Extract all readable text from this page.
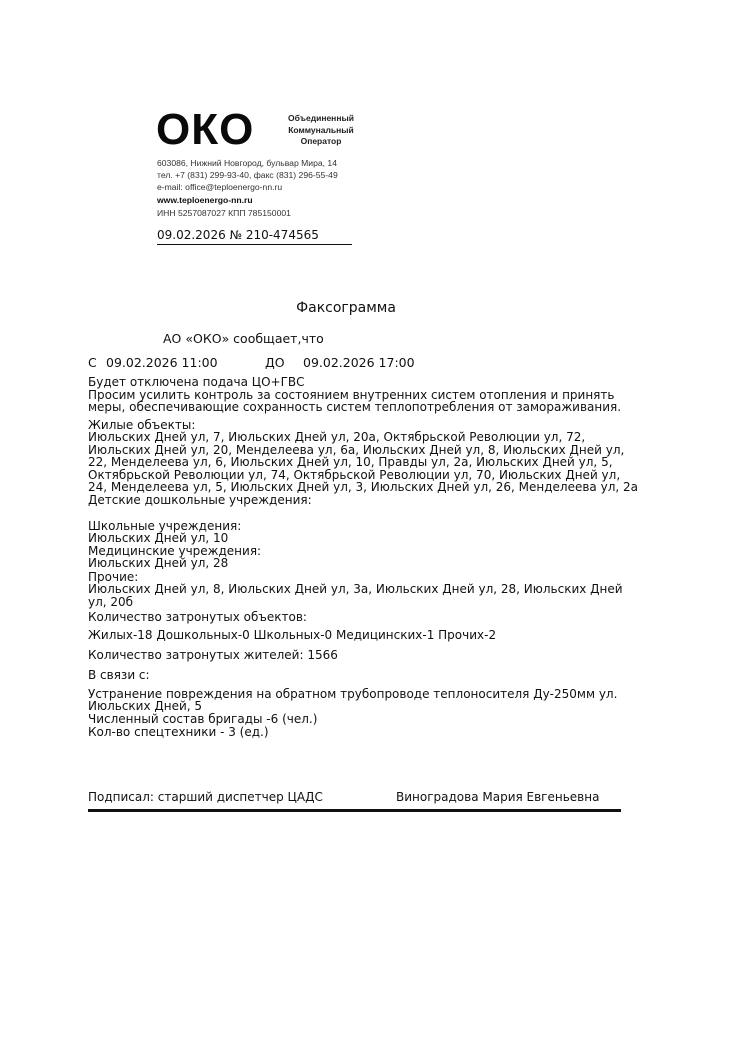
ОКО	Объединенный
Коммунальный
Оператор
603086, Нижний Новгород, бульвар Мира, 14
тел. +7 (831) 299-93-40, факс (831) 296-55-49
e-mail: office@teploenergo-nn.ru
www.teploenergo-nn.ru
ИНН 5257087027 КПП 785150001
09.02.2026 № 210-474565
Факсограмма
АО «ОКО» сообщает,что
С 09.02.2026 11:00	ДО 09.02.2026 17:00
Будет отключена подача ЦО+ГВС
Просим усилить контроль за состоянием внутренних систем отопления и принять
меры, обеспечивающие сохранность систем теплопотребления от замораживания.
Жилые объекты:
Июльских Дней ул, 7, Июльских Дней ул, 20а, Октябрьской Революции ул, 72,
Июльских Дней ул, 20, Менделеева ул, 6а, Июльских Дней ул, 8, Июльских Дней ул,
22, Менделеева ул, 6, Июльских Дней ул, 10, Правды ул, 2а, Июльских Дней ул, 5,
Октябрьской Революции ул, 74, Октябрьской Революции ул, 70, Июльских Дней ул,
24, Менделеева ул, 5, Июльских Дней ул, 3, Июльских Дней ул, 26, Менделеева ул, 2а
Детские дошкольные учреждения:
Школьные учреждения:
Июльских Дней ул, 10
Медицинские учреждения:
Июльских Дней ул, 28
Прочие:
Июльских Дней ул, 8, Июльских Дней ул, 3а, Июльских Дней ул, 28, Июльских Дней
ул, 20б
Количество затронутых объектов:
Жилых-18 Дошкольных-0 Школьных-0 Медицинских-1 Прочих-2
Количество затронутых жителей: 1566
В связи с:
Устранение повреждения на обратном трубопроводе теплоносителя Ду-250мм ул.
Июльских Дней, 5
Численный состав бригады -6 (чел.)
Кол-во спецтехники - 3 (ед.)
Подписал: старший диспетчер ЦАДС	Виноградова Мария Евгеньевна
